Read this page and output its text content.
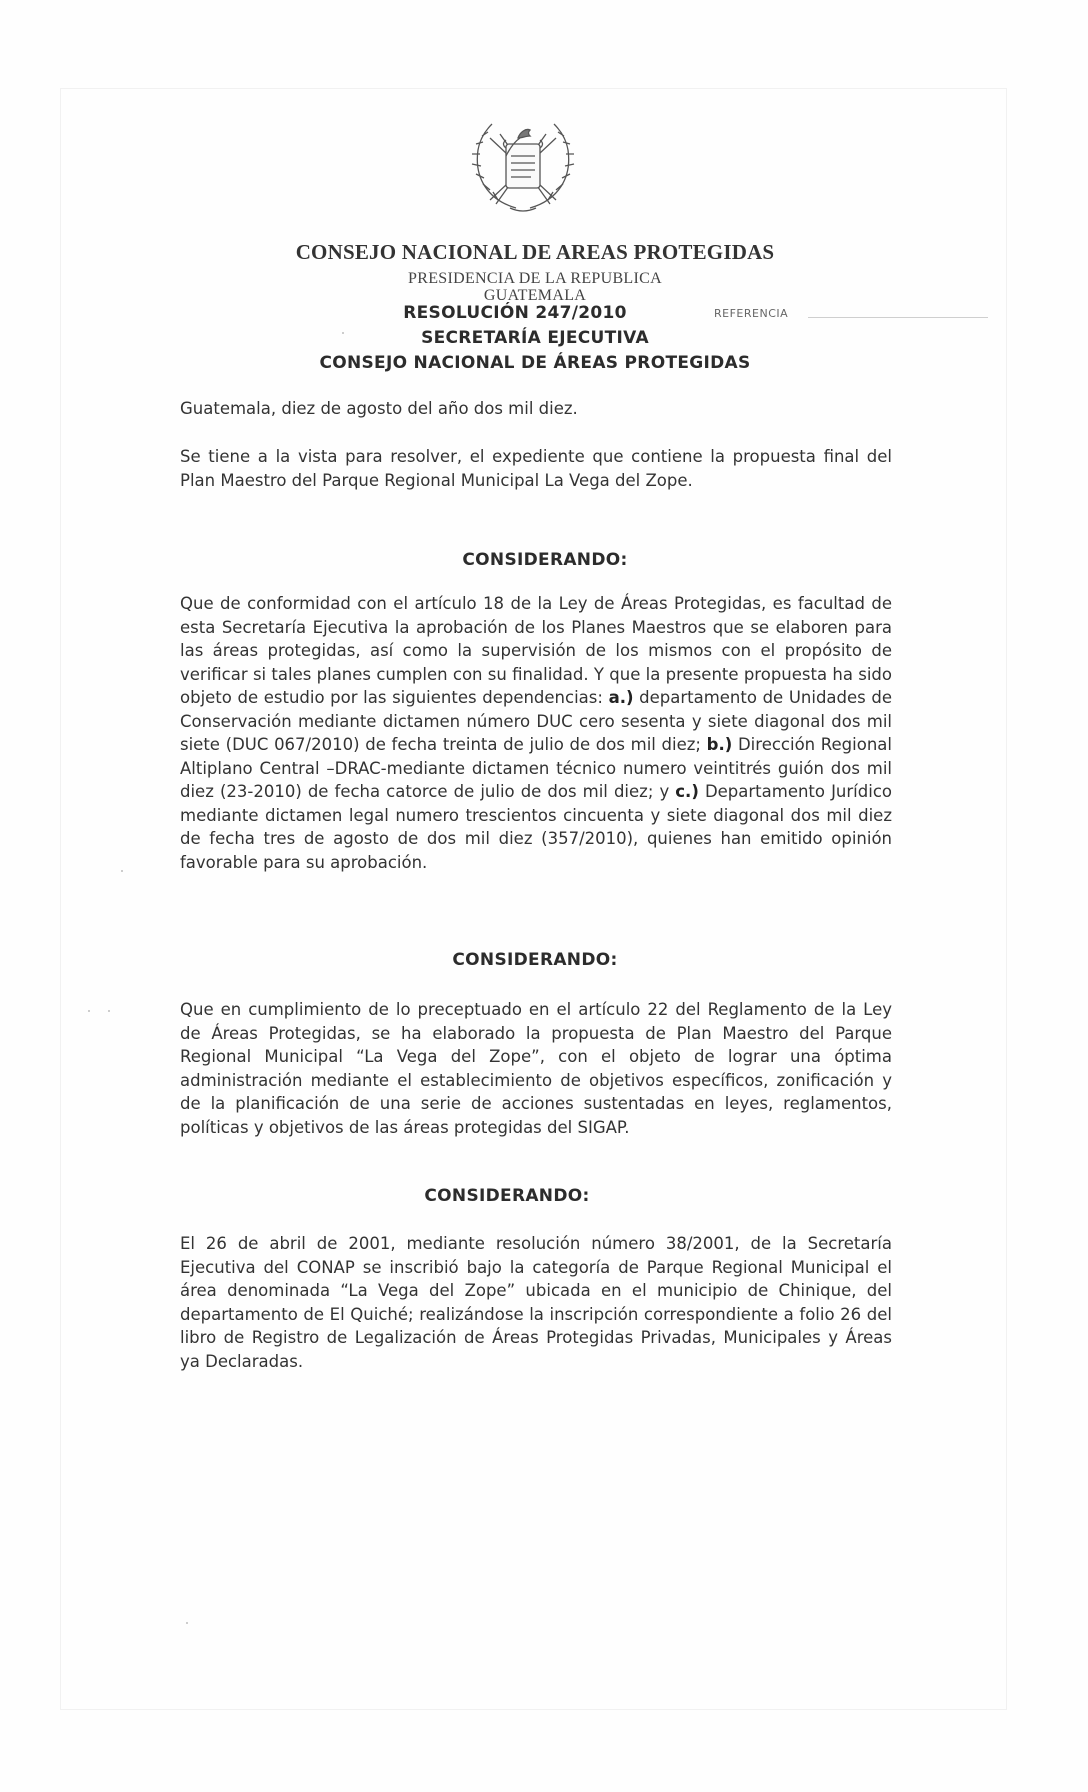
CONSEJO NACIONAL DE AREAS PROTEGIDAS
PRESIDENCIA DE LA REPUBLICA
GUATEMALA
RESOLUCIÓN 247/2010	REFERENCIA
SECRETARÍA EJECUTIVA
CONSEJO NACIONAL DE ÁREAS PROTEGIDAS

Guatemala, diez de agosto del año dos mil diez.

Se tiene a la vista para resolver, el expediente que contiene la propuesta final del Plan Maestro del Parque Regional Municipal La Vega del Zope.

CONSIDERANDO:

Que de conformidad con el artículo 18 de la Ley de Áreas Protegidas, es facultad de esta Secretaría Ejecutiva la aprobación de los Planes Maestros que se elaboren para las áreas protegidas, así como la supervisión de los mismos con el propósito de verificar si tales planes cumplen con su finalidad. Y que la presente propuesta ha sido objeto de estudio por las siguientes dependencias: a.) departamento de Unidades de Conservación mediante dictamen número DUC cero sesenta y siete diagonal dos mil siete (DUC 067/2010) de fecha treinta de julio de dos mil diez; b.) Dirección Regional Altiplano Central –DRAC-mediante dictamen técnico numero veintitrés guión dos mil diez (23-2010) de fecha catorce de julio de dos mil diez; y c.) Departamento Jurídico mediante dictamen legal numero trescientos cincuenta y siete diagonal dos mil diez de fecha tres de agosto de dos mil diez (357/2010), quienes han emitido opinión favorable para su aprobación.

CONSIDERANDO:

Que en cumplimiento de lo preceptuado en el artículo 22 del Reglamento de la Ley de Áreas Protegidas, se ha elaborado la propuesta de Plan Maestro del Parque Regional Municipal “La Vega del Zope”, con el objeto de lograr una óptima administración mediante el establecimiento de objetivos específicos, zonificación y de la planificación de una serie de acciones sustentadas en leyes, reglamentos, políticas y objetivos de las áreas protegidas del SIGAP.

CONSIDERANDO:

El 26 de abril de 2001, mediante resolución número 38/2001, de la Secretaría Ejecutiva del CONAP se inscribió bajo la categoría de Parque Regional Municipal el área denominada “La Vega del Zope” ubicada en el municipio de Chinique, del departamento de El Quiché; realizándose la inscripción correspondiente a folio 26 del libro de Registro de Legalización de Áreas Protegidas Privadas, Municipales y Áreas ya Declaradas.
